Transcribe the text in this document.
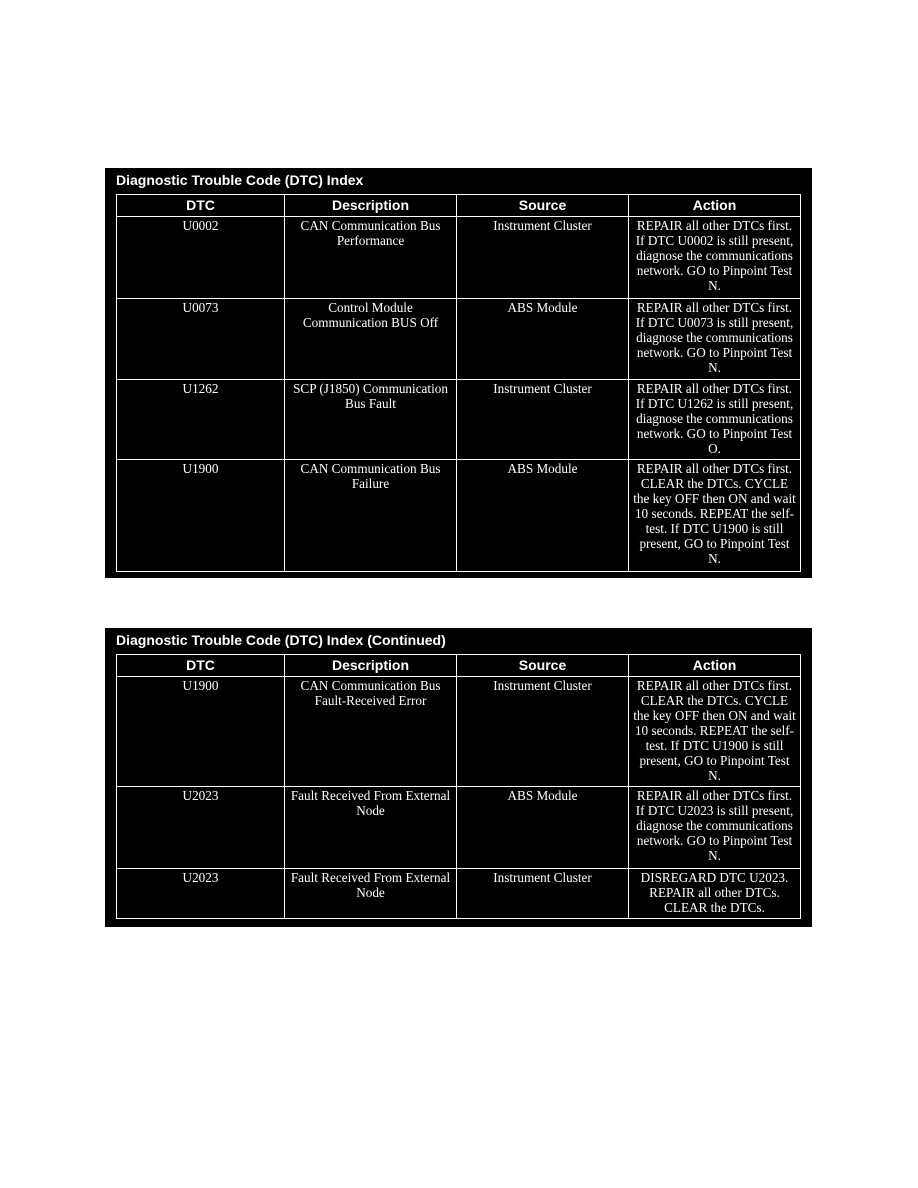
Diagnostic Trouble Code (DTC) Index
DTC	Description	Source	Action
U0002	CAN Communication Bus Performance	Instrument Cluster	REPAIR all other DTCs first. If DTC U0002 is still present, diagnose the communications network. GO to Pinpoint Test N.
U0073	Control Module Communication BUS Off	ABS Module	REPAIR all other DTCs first. If DTC U0073 is still present, diagnose the communications network. GO to Pinpoint Test N.
U1262	SCP (J1850) Communication Bus Fault	Instrument Cluster	REPAIR all other DTCs first. If DTC U1262 is still present, diagnose the communications network. GO to Pinpoint Test O.
U1900	CAN Communication Bus Failure	ABS Module	REPAIR all other DTCs first. CLEAR the DTCs. CYCLE the key OFF then ON and wait 10 seconds. REPEAT the self-test. If DTC U1900 is still present, GO to Pinpoint Test N.
Diagnostic Trouble Code (DTC) Index (Continued)
DTC	Description	Source	Action
U1900	CAN Communication Bus Fault-Received Error	Instrument Cluster	REPAIR all other DTCs first. CLEAR the DTCs. CYCLE the key OFF then ON and wait 10 seconds. REPEAT the self-test. If DTC U1900 is still present, GO to Pinpoint Test N.
U2023	Fault Received From External Node	ABS Module	REPAIR all other DTCs first. If DTC U2023 is still present, diagnose the communications network. GO to Pinpoint Test N.
U2023	Fault Received From External Node	Instrument Cluster	DISREGARD DTC U2023. REPAIR all other DTCs. CLEAR the DTCs.
